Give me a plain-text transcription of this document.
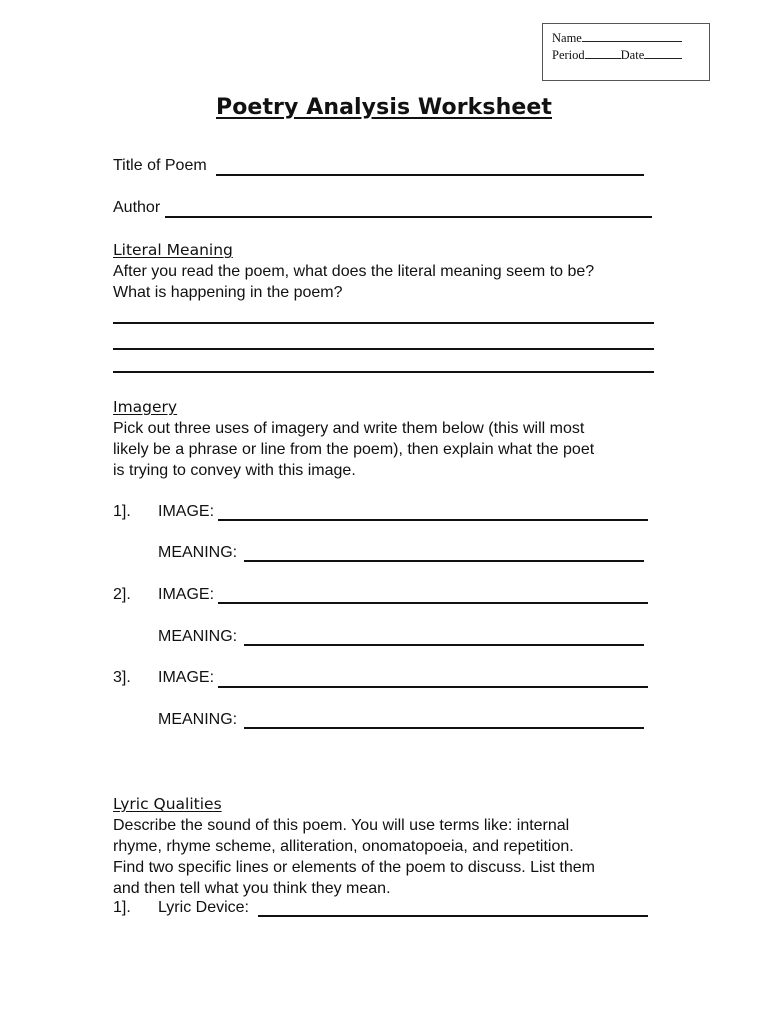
Name
Period	Date
Poetry Analysis Worksheet
Title of Poem
Author
Literal Meaning
After you read the poem, what does the literal meaning seem to be?
What is happening in the poem?
Imagery
Pick out three uses of imagery and write them below (this will most
likely be a phrase or line from the poem), then explain what the poet
is trying to convey with this image.
1]. IMAGE:
MEANING:
2]. IMAGE:
MEANING:
3]. IMAGE:
MEANING:
Lyric Qualities
Describe the sound of this poem. You will use terms like: internal
rhyme, rhyme scheme, alliteration, onomatopoeia, and repetition.
Find two specific lines or elements of the poem to discuss. List them
and then tell what you think they mean.
1]. Lyric Device:
